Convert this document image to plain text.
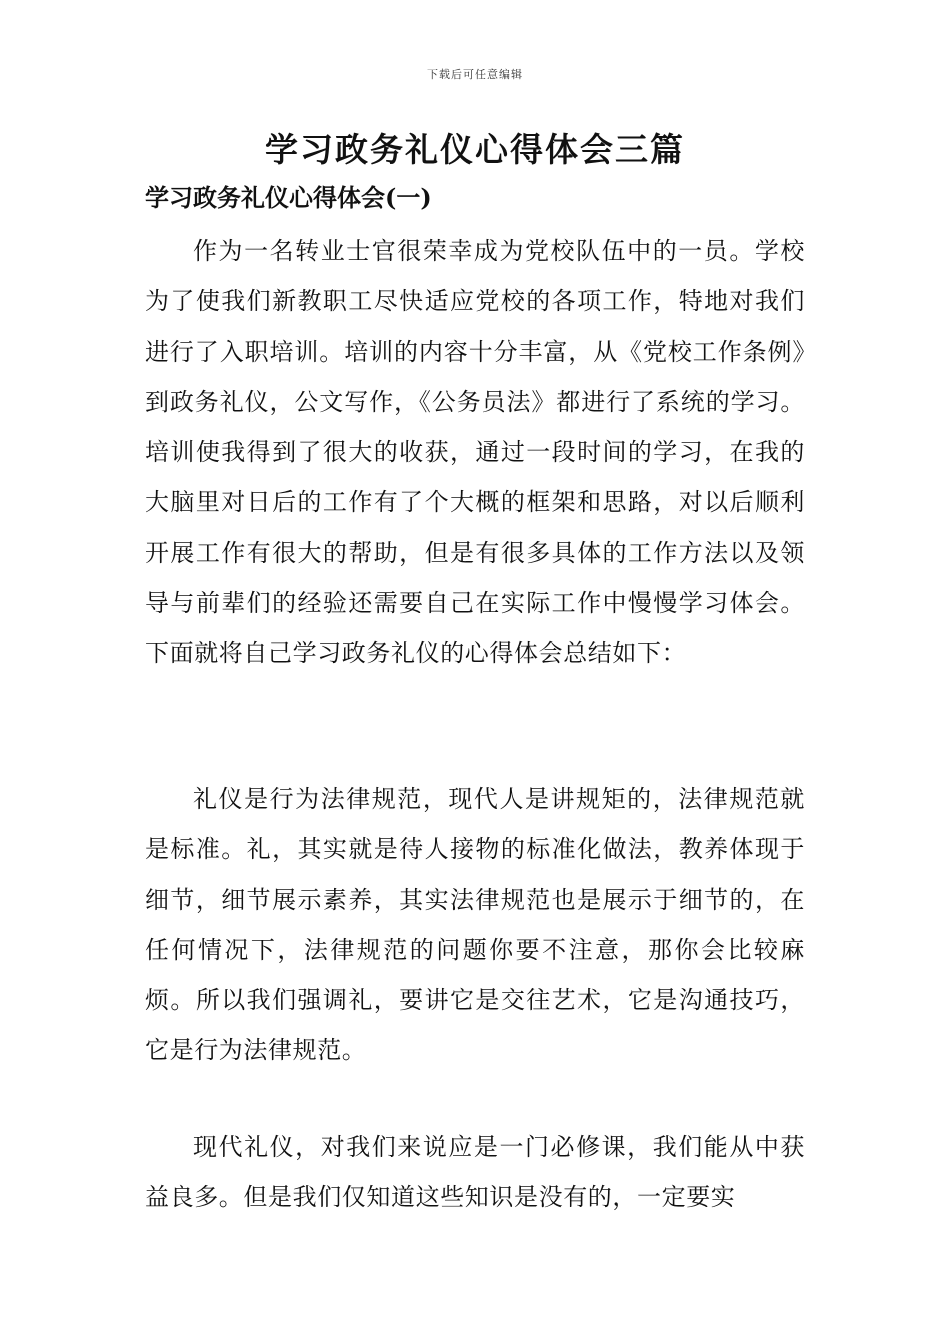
下载后可任意编辑
学习政务礼仪心得体会三篇
学习政务礼仪心得体会(一)

作为一名转业士官很荣幸成为党校队伍中的一员。学校为了使我们新教职工尽快适应党校的各项工作，特地对我们进行了入职培训。培训的内容十分丰富，从《党校工作条例》到政务礼仪，公文写作，《公务员法》都进行了系统的学习。培训使我得到了很大的收获，通过一段时间的学习，在我的大脑里对日后的工作有了个大概的框架和思路，对以后顺利开展工作有很大的帮助，但是有很多具体的工作方法以及领导与前辈们的经验还需要自己在实际工作中慢慢学习体会。下面就将自己学习政务礼仪的心得体会总结如下：

礼仪是行为法律规范，现代人是讲规矩的，法律规范就是标准。礼，其实就是待人接物的标准化做法，教养体现于细节，细节展示素养，其实法律规范也是展示于细节的，在任何情况下，法律规范的问题你要不注意，那你会比较麻烦。所以我们强调礼，要讲它是交往艺术，它是沟通技巧，它是行为法律规范。

现代礼仪，对我们来说应是一门必修课，我们能从中获益良多。但是我们仅知道这些知识是没有的，一定要实
